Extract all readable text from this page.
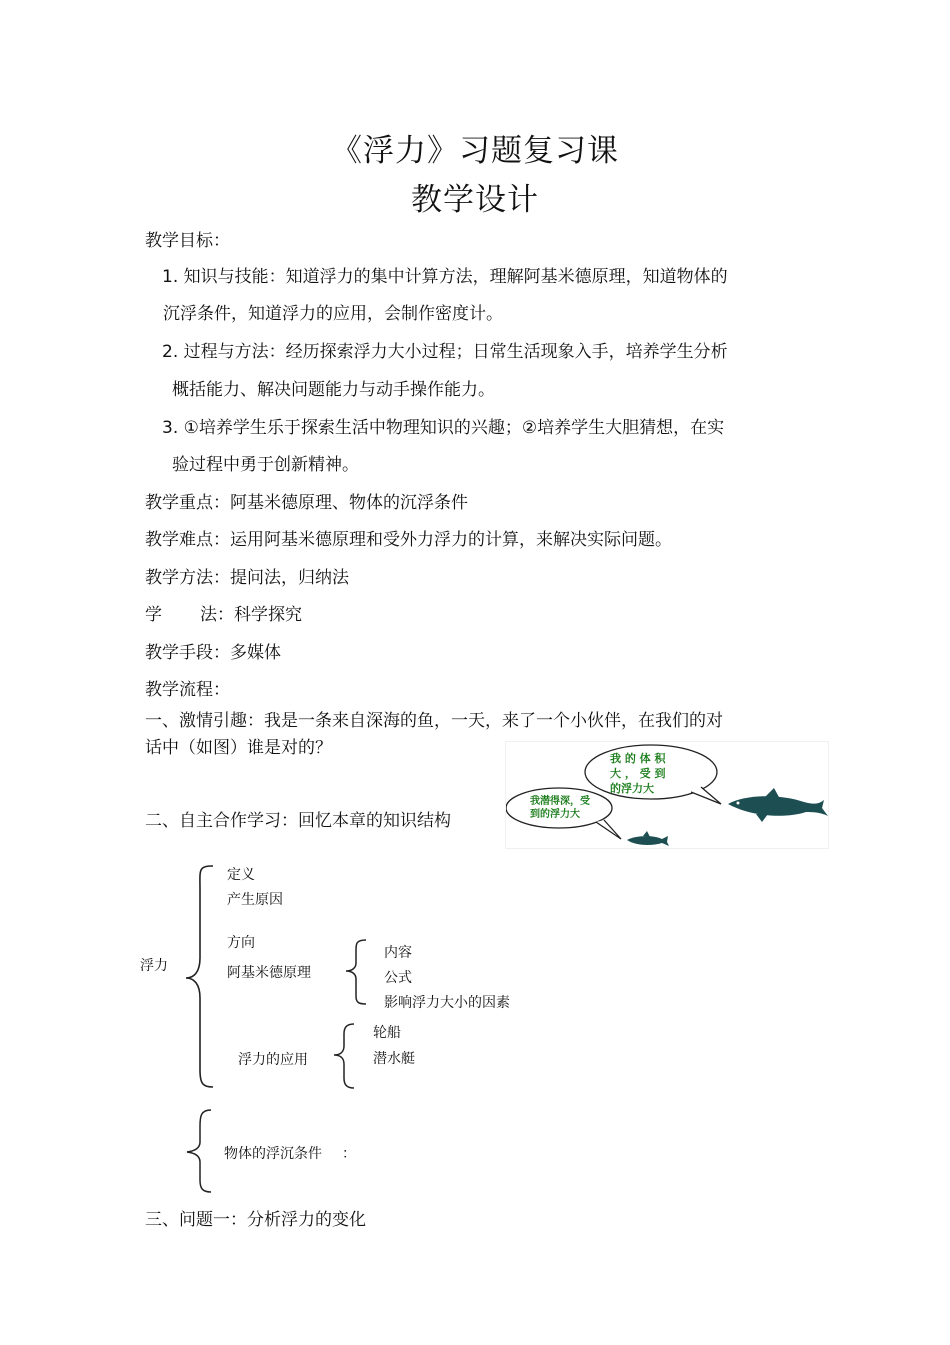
《浮力》习题复习课
教学设计
教学目标：
1. 知识与技能：知道浮力的集中计算方法，理解阿基米德原理，知道物体的
沉浮条件，知道浮力的应用，会制作密度计。
2. 过程与方法：经历探索浮力大小过程；日常生活现象入手，培养学生分析
概括能力、解决问题能力与动手操作能力。
3. ①培养学生乐于探索生活中物理知识的兴趣；②培养学生大胆猜想，在实
验过程中勇于创新精神。
教学重点：阿基米德原理、物体的沉浮条件
教学难点：运用阿基米德原理和受外力浮力的计算，来解决实际问题。
教学方法：提问法，归纳法
学 法：科学探究
教学手段：多媒体
教学流程：
一、激情引趣：我是一条来自深海的鱼，一天，来了一个小伙伴，在我们的对
话中（如图）谁是对的？
我 的 体 积
大 ， 受 到
的浮力大
我潜得深，受
到的浮力大
二、自主合作学习：回忆本章的知识结构
浮力
定义
产生原因
方向
阿基米德原理
内容
公式
影响浮力大小的因素
浮力的应用
轮船
潜水艇
物体的浮沉条件 ：
三、问题一：分析浮力的变化
